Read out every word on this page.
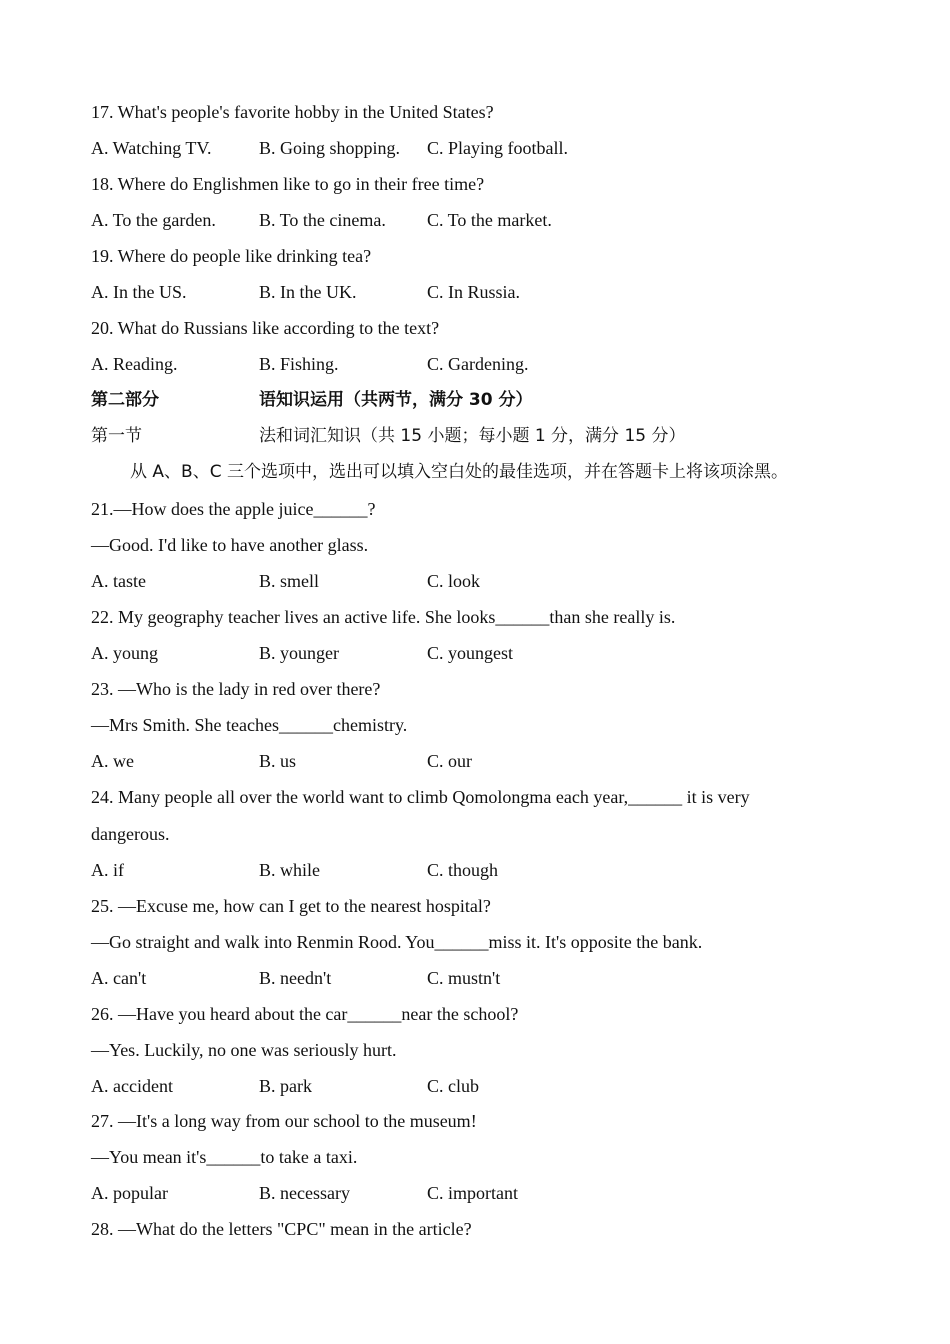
17. What's people's favorite hobby in the United States?
A. Watching TV.	B. Going shopping. C. Playing football.
18. Where do Englishmen like to go in their free time?
A. To the garden. B. To the cinema. C. To the market.
19. Where do people like drinking tea?
A. In the US.	B. In the UK.	C. In Russia.
20. What do Russians like according to the text?
A. Reading.	B. Fishing.	C. Gardening.
第二部分	语知识运用（共两节，满分 30 分）
第一节	法和词汇知识（共 15 小题；每小题 1 分，满分 15 分）
从 A、B、C 三个选项中，选出可以填入空白处的最佳选项，并在答题卡上将该项涂黑。
21.—How does the apple juice______?
—Good. I'd like to have another glass.
A. taste	B. smell	C. look
22. My geography teacher lives an active life. She looks______than she really is.
A. young	B. younger	C. youngest
23. —Who is the lady in red over there?
—Mrs Smith. She teaches______chemistry.
A. we	B. us	C. our
24. Many people all over the world want to climb Qomolongma each year,______ it is very
dangerous.
A. if	B. while	C. though
25. —Excuse me, how can I get to the nearest hospital?
—Go straight and walk into Renmin Rood. You______miss it. It's opposite the bank.
A. can't	B. needn't	C. mustn't
26. —Have you heard about the car______near the school?
—Yes. Luckily, no one was seriously hurt.
A. accident	B. park	C. club
27. —It's a long way from our school to the museum!
—You mean it's______to take a taxi.
A. popular	B. necessary	C. important
28. —What do the letters "CPC" mean in the article?
